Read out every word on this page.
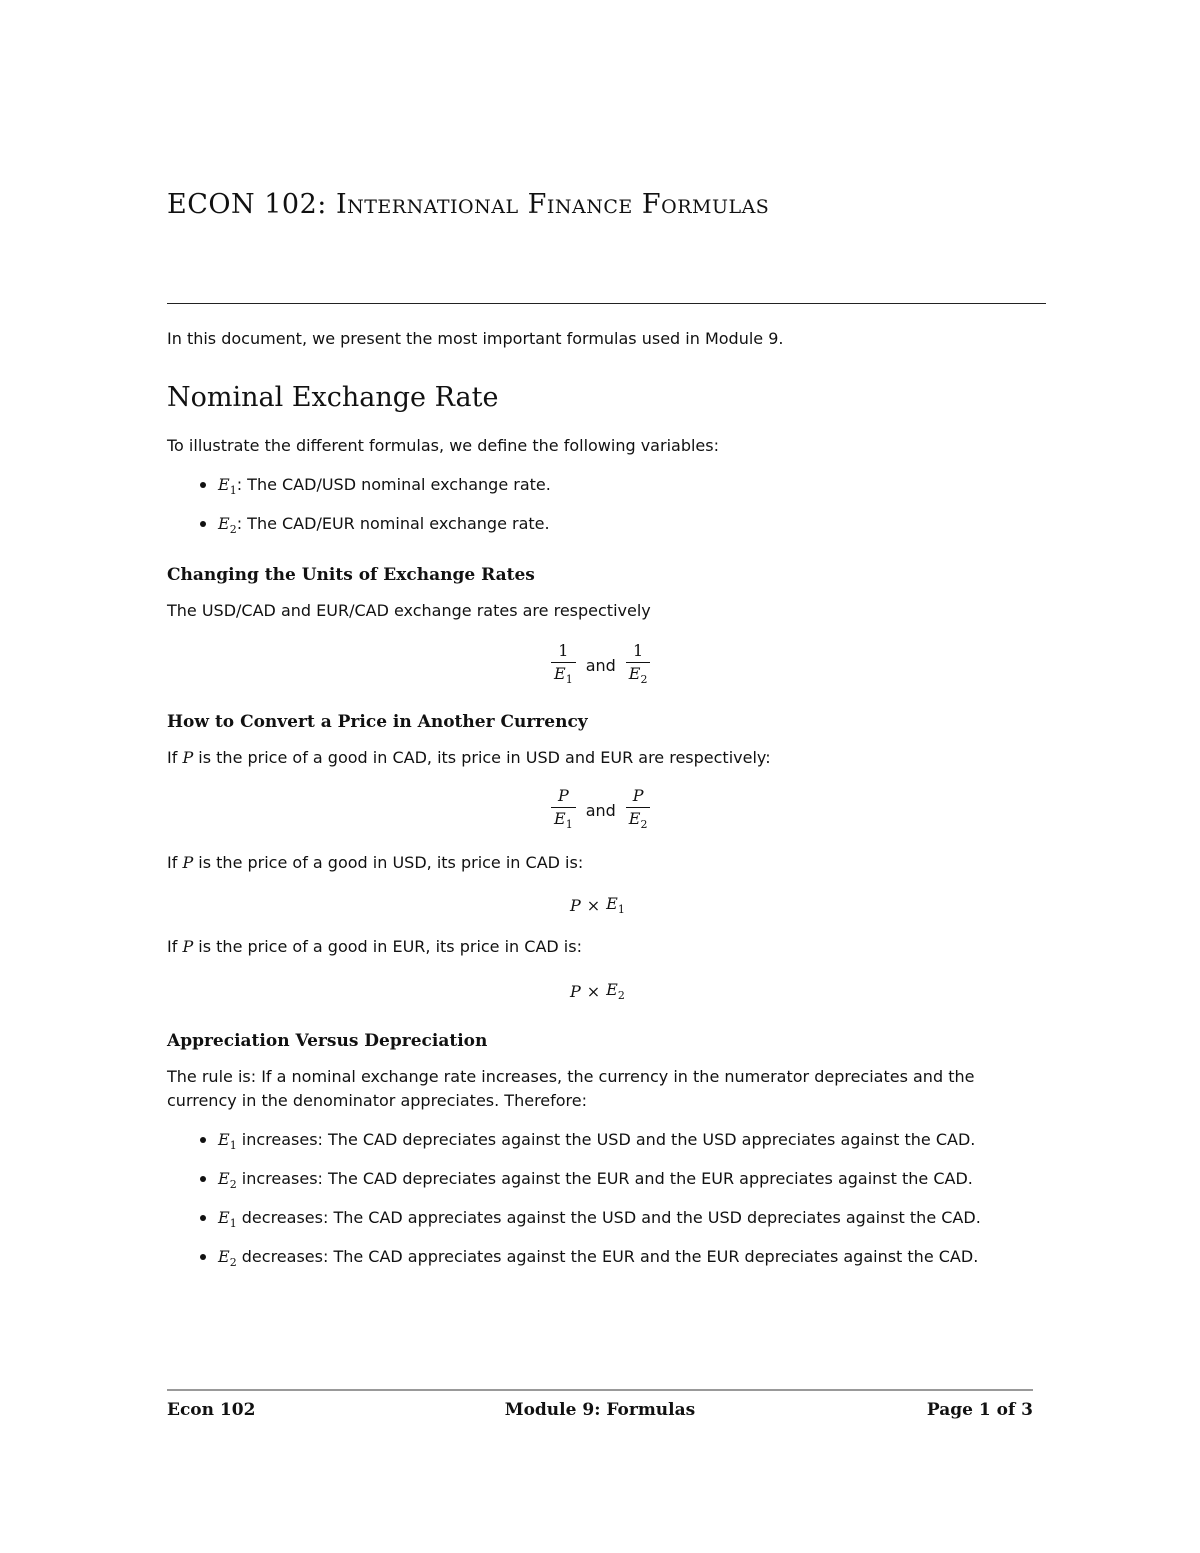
ECON 102: International Finance Formulas
In this document, we present the most important formulas used in Module 9.
Nominal Exchange Rate
To illustrate the different formulas, we define the following variables:
$E_1$: The CAD/USD nominal exchange rate.
$E_2$: The CAD/EUR nominal exchange rate.
Changing the Units of Exchange Rates
The USD/CAD and EUR/CAD exchange rates are respectively
$\frac{1}{E_1}$ and $\frac{1}{E_2}$
How to Convert a Price in Another Currency
If P is the price of a good in CAD, its price in USD and EUR are respectively:
$\frac{P}{E_1}$ and $\frac{P}{E_2}$
If P is the price of a good in USD, its price in CAD is:
$P \times E_1$
If P is the price of a good in EUR, its price in CAD is:
$P \times E_2$
Appreciation Versus Depreciation
The rule is: If a nominal exchange rate increases, the currency in the numerator depreciates and the
currency in the denominator appreciates. Therefore:
$E_1$ increases: The CAD depreciates against the USD and the USD appreciates against the CAD.
$E_2$ increases: The CAD depreciates against the EUR and the EUR appreciates against the CAD.
$E_1$ decreases: The CAD appreciates against the USD and the USD depreciates against the CAD.
$E_2$ decreases: The CAD appreciates against the EUR and the EUR depreciates against the CAD.
Econ 102	Module 9: Formulas	Page 1 of 3
